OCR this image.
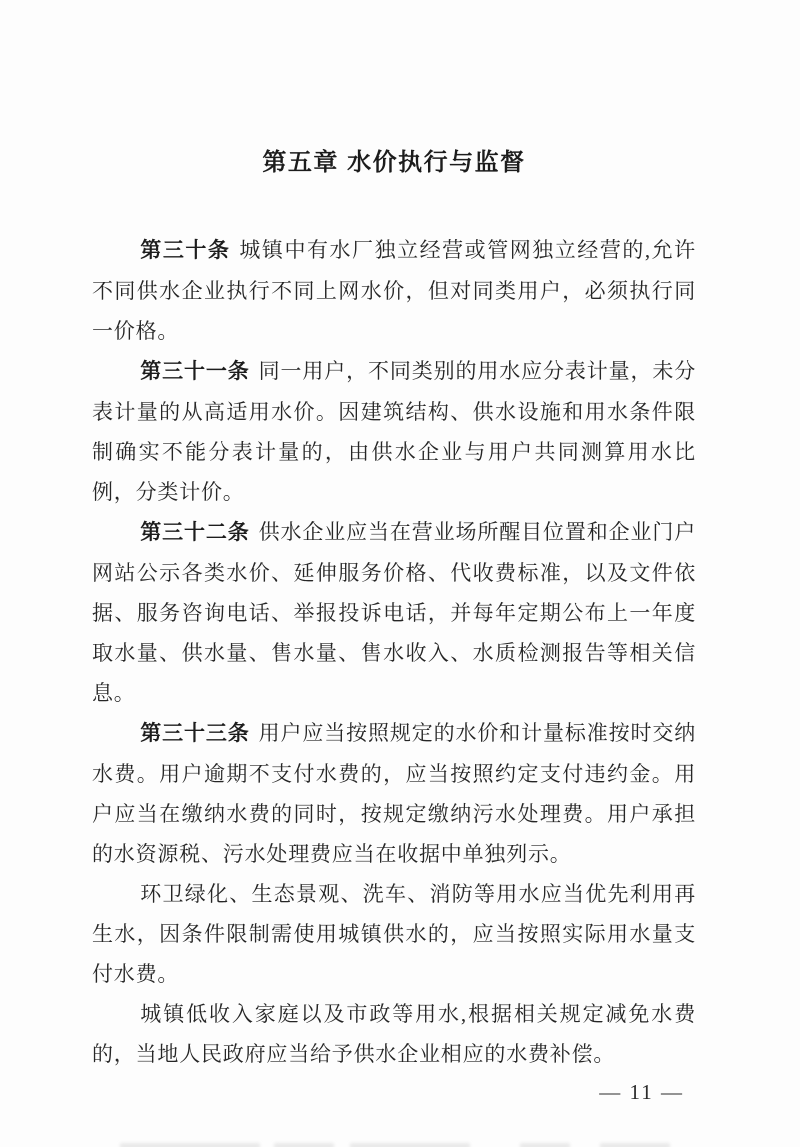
第五章 水价执行与监督

第三十条 城镇中有水厂独立经营或管网独立经营的,允许不同供水企业执行不同上网水价，但对同类用户，必须执行同一价格。

第三十一条 同一用户，不同类别的用水应分表计量，未分表计量的从高适用水价。因建筑结构、供水设施和用水条件限制确实不能分表计量的，由供水企业与用户共同测算用水比例，分类计价。

第三十二条 供水企业应当在营业场所醒目位置和企业门户网站公示各类水价、延伸服务价格、代收费标准，以及文件依据、服务咨询电话、举报投诉电话，并每年定期公布上一年度取水量、供水量、售水量、售水收入、水质检测报告等相关信息。

第三十三条 用户应当按照规定的水价和计量标准按时交纳水费。用户逾期不支付水费的，应当按照约定支付违约金。用户应当在缴纳水费的同时，按规定缴纳污水处理费。用户承担的水资源税、污水处理费应当在收据中单独列示。

环卫绿化、生态景观、洗车、消防等用水应当优先利用再生水，因条件限制需使用城镇供水的，应当按照实际用水量支付水费。

城镇低收入家庭以及市政等用水,根据相关规定减免水费的，当地人民政府应当给予供水企业相应的水费补偿。

— 11 —
